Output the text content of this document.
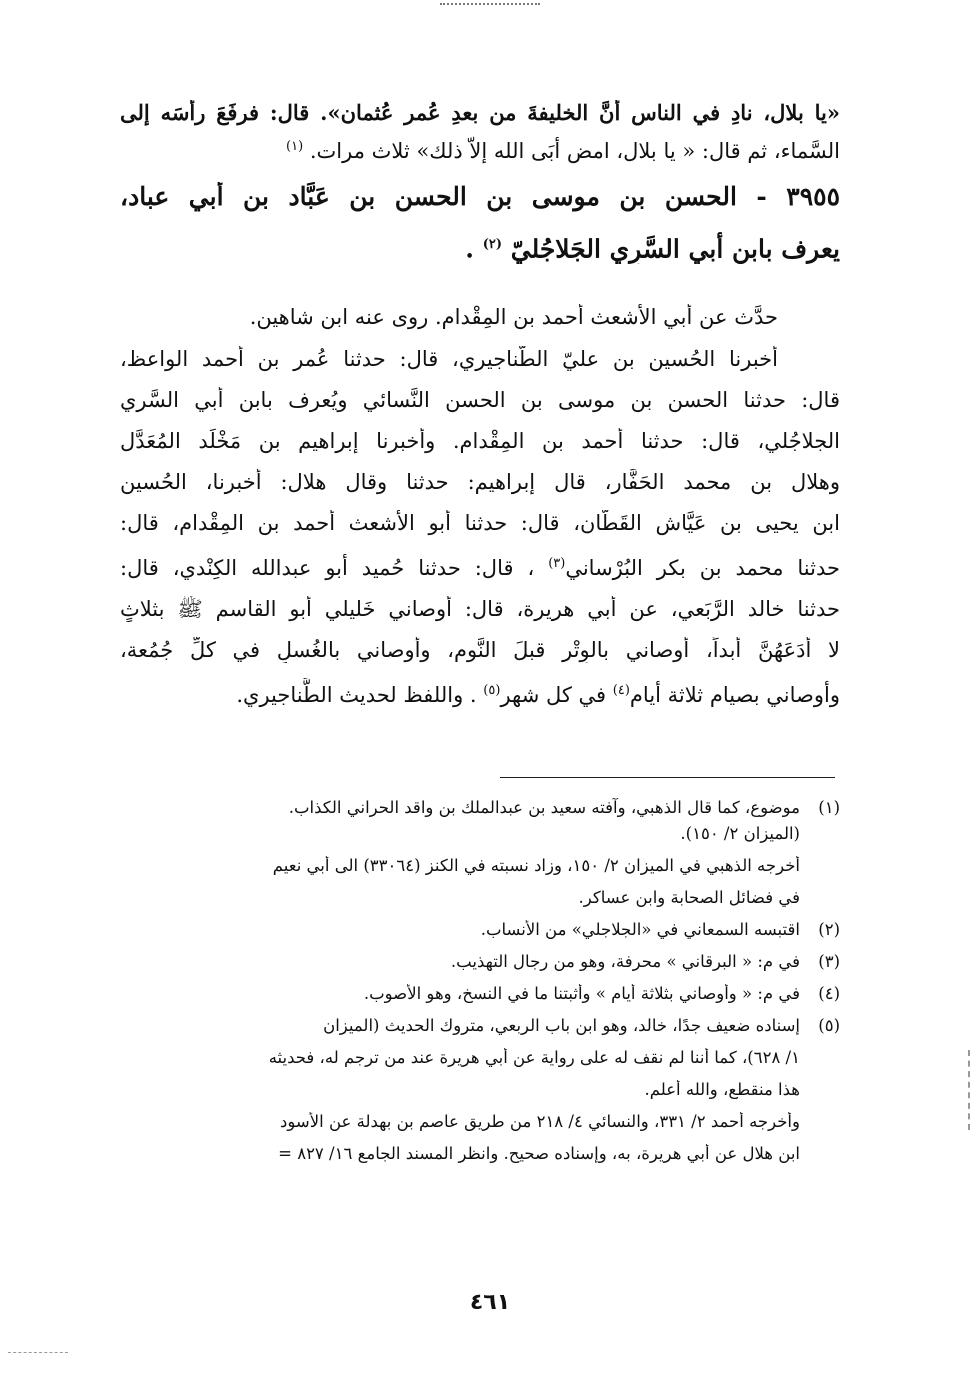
«يا بلال، نادِ في الناس أنَّ الخليفةَ من بعدِ عُمر عُثمان». قال: فرفَعَ رأسَه إلى
السَّماء، ثم قال: « يا بلال، امضِ أبَى الله إلاّ ذلك» ثلاث مرات. $^{(١)}$
٣٩٥٥ - الحسن بن موسى بن الحسن بن عَبَّاد بن أبي عباد،
يعرف بابن أبي السَّرِي الجَلاجُليّ $^{(٢)}$ .
حدَّث عن أبي الأشعث أحمد بن المِقْدام. روى عنه ابن شاهين.
أخبرنا الحُسين بن عليّ الطَّناجيري، قال: حدثنا عُمر بن أحمد الواعظ،
قال: حدثنا الحسن بن موسى بن الحسن النَّسائي ويُعرف بابن أبي السَّري
الجلاجُلي، قال: حدثنا أحمد بن المِقْدام. وأخبرنا إبراهيم بن مَخْلَد المُعَدَّل
وهلال بن محمد الحَفَّار، قال إبراهيم: حدثنا وقال هلال: أخبرنا، الحُسين
ابن يحيى بن عَيَّاش القَطَّان، قال: حدثنا أبو الأشعث أحمد بن المِقْدام، قال:
حدثنا محمد بن بكر البُرْساني$^{(٣)}$ ، قال: حدثنا حُميد أبو عبدالله الكِنْدي، قال:
حدثنا خالد الرَّبَعي، عن أبي هريرة، قال: أوصاني خَليلي أبو القاسم ﷺ بثلاثٍ
لا أدَعَهُنَّ أبداً، أوصاني بالوِتْر قبلَ النَّوم، وأوصاني بالغُسلِ في كلِّ جُمُعة،
وأوصاني بصيام ثلاثة أيام$^{(٤)}$ في كل شهر$^{(٥)}$ . واللفظ لحديث الطَّناجيري.
(١)موضوع، كما قال الذهبي، وآفته سعيد بن عبدالملك بن واقد الحراني الكذاب.
(الميزان ٢/ ١٥٠).
أخرجه الذهبي في الميزان ٢/ ١٥٠، وزاد نسبته في الكنز (٣٣٠٦٤) الى أبي نعيم
في فضائل الصحابة وابن عساكر.
(٢)اقتبسه السمعاني في «الجلاجلي» من الأنساب.
(٣)في م: « البرقاني » محرفة، وهو من رجال التهذيب.
(٤)في م: « وأوصاني بثلاثة أيام » وأثبتنا ما في النسخ، وهو الأصوب.
(٥)إسناده ضعيف جدًا، خالد، وهو ابن باب الربعي، متروك الحديث (الميزان
١/ ٦٢٨)، كما أننا لم نقف له على رواية عن أبي هريرة عند من ترجم له، فحديثه
هذا منقطع، والله أعلم.
وأخرجه أحمد ٢/ ٣٣١، والنسائي ٤/ ٢١٨ من طريق عاصم بن بهدلة عن الأسود
ابن هلال عن أبي هريرة، به، وإسناده صحيح. وانظر المسند الجامع ١٦/ ٨٢٧ =
٤٦١
